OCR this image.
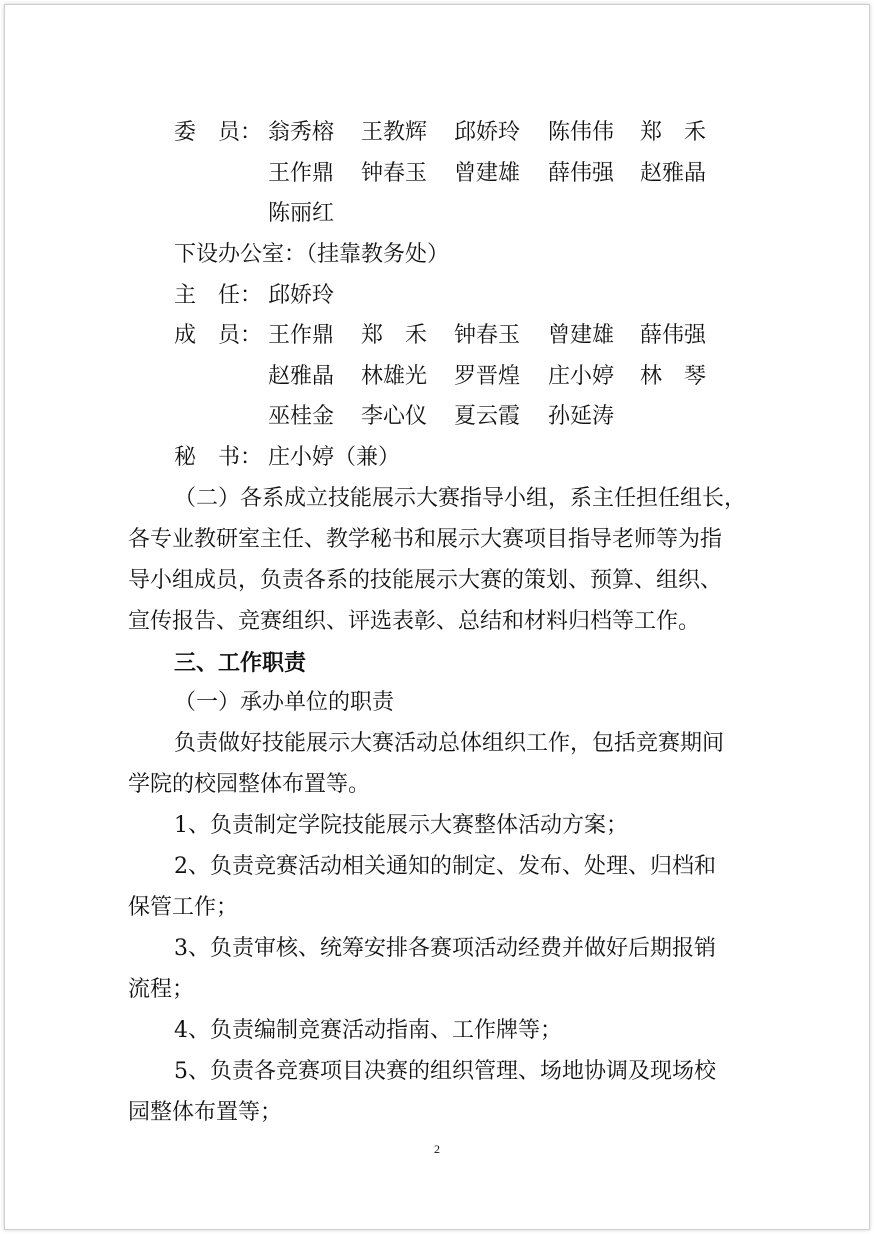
委　员： 翁秀榕 王教辉 邱娇玲 陈伟伟 郑　禾
王作鼎 钟春玉 曾建雄 薛伟强 赵雅晶
陈丽红
下设办公室：（挂靠教务处）
主　任： 邱娇玲
成　员： 王作鼎 郑　禾 钟春玉 曾建雄 薛伟强
赵雅晶 林雄光 罗晋煌 庄小婷 林　琴
巫桂金 李心仪 夏云霞 孙延涛
秘　书： 庄小婷（兼）
（二）各系成立技能展示大赛指导小组，系主任担任组长，
各专业教研室主任、教学秘书和展示大赛项目指导老师等为指
导小组成员，负责各系的技能展示大赛的策划、预算、组织、
宣传报告、竞赛组织、评选表彰、总结和材料归档等工作。
三、工作职责
（一）承办单位的职责
负责做好技能展示大赛活动总体组织工作，包括竞赛期间
学院的校园整体布置等。
1、负责制定学院技能展示大赛整体活动方案；
2、负责竞赛活动相关通知的制定、发布、处理、归档和
保管工作；
3、负责审核、统筹安排各赛项活动经费并做好后期报销
流程；
4、负责编制竞赛活动指南、工作牌等；
5、负责各竞赛项目决赛的组织管理、场地协调及现场校
园整体布置等；
2
